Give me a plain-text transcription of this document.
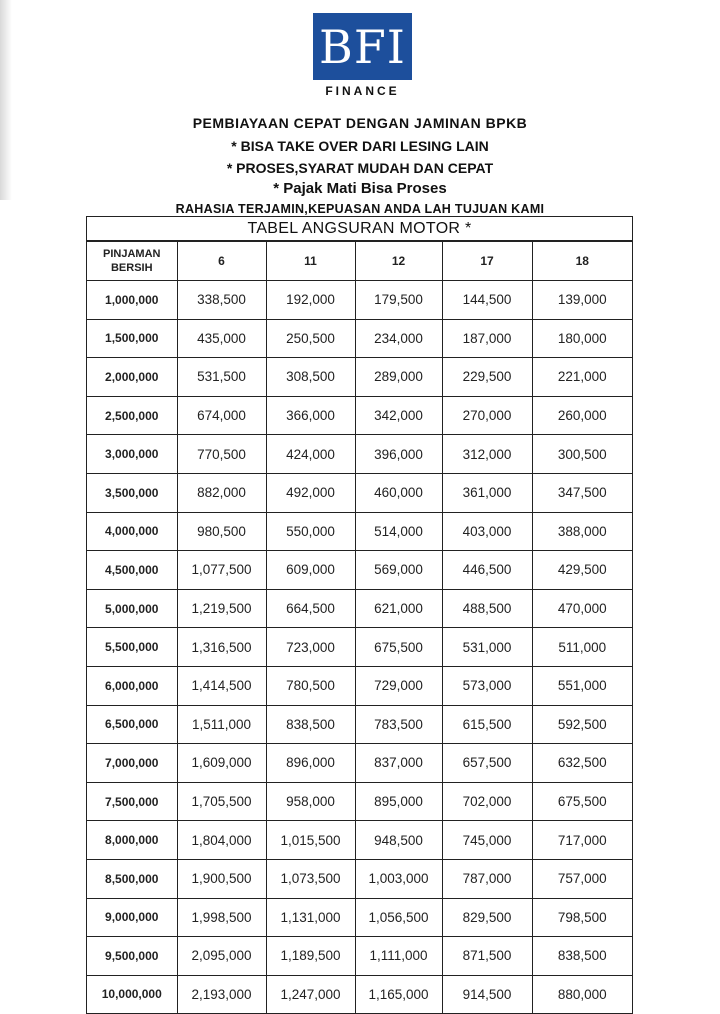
BFI
FINANCE
PEMBIAYAAN CEPAT DENGAN JAMINAN BPKB
* BISA TAKE OVER DARI LESING LAIN
* PROSES,SYARAT MUDAH DAN CEPAT
* Pajak Mati Bisa Proses
RAHASIA TERJAMIN,KEPUASAN ANDA LAH TUJUAN KAMI
TABEL ANGSURAN MOTOR *
PINJAMAN BERSIH	6	11	12	17	18
1,000,000	338,500	192,000	179,500	144,500	139,000
1,500,000	435,000	250,500	234,000	187,000	180,000
2,000,000	531,500	308,500	289,000	229,500	221,000
2,500,000	674,000	366,000	342,000	270,000	260,000
3,000,000	770,500	424,000	396,000	312,000	300,500
3,500,000	882,000	492,000	460,000	361,000	347,500
4,000,000	980,500	550,000	514,000	403,000	388,000
4,500,000	1,077,500	609,000	569,000	446,500	429,500
5,000,000	1,219,500	664,500	621,000	488,500	470,000
5,500,000	1,316,500	723,000	675,500	531,000	511,000
6,000,000	1,414,500	780,500	729,000	573,000	551,000
6,500,000	1,511,000	838,500	783,500	615,500	592,500
7,000,000	1,609,000	896,000	837,000	657,500	632,500
7,500,000	1,705,500	958,000	895,000	702,000	675,500
8,000,000	1,804,000	1,015,500	948,500	745,000	717,000
8,500,000	1,900,500	1,073,500	1,003,000	787,000	757,000
9,000,000	1,998,500	1,131,000	1,056,500	829,500	798,500
9,500,000	2,095,000	1,189,500	1,111,000	871,500	838,500
10,000,000	2,193,000	1,247,000	1,165,000	914,500	880,000
